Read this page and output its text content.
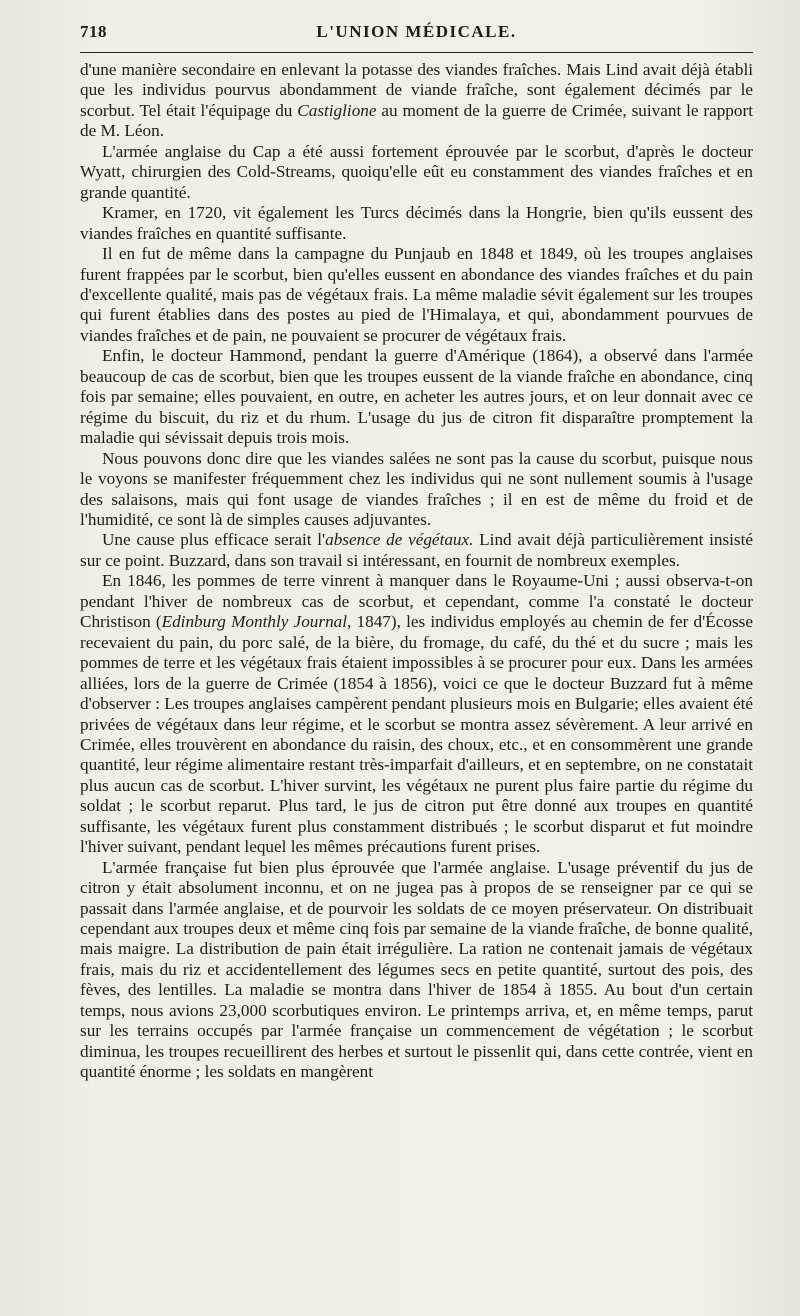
718	L'UNION MÉDICALE.

d'une manière secondaire en enlevant la potasse des viandes fraîches. Mais Lind avait déjà établi que les individus pourvus abondamment de viande fraîche, sont également décimés par le scorbut. Tel était l'équipage du Castiglione au moment de la guerre de Crimée, suivant le rapport de M. Léon.

L'armée anglaise du Cap a été aussi fortement éprouvée par le scorbut, d'après le docteur Wyatt, chirurgien des Cold-Streams, quoiqu'elle eût eu constamment des viandes fraîches et en grande quantité.

Kramer, en 1720, vit également les Turcs décimés dans la Hongrie, bien qu'ils eussent des viandes fraîches en quantité suffisante.

Il en fut de même dans la campagne du Punjaub en 1848 et 1849, où les troupes anglaises furent frappées par le scorbut, bien qu'elles eussent en abondance des viandes fraîches et du pain d'excellente qualité, mais pas de végétaux frais. La même maladie sévit également sur les troupes qui furent établies dans des postes au pied de l'Himalaya, et qui, abondamment pourvues de viandes fraîches et de pain, ne pouvaient se procurer de végétaux frais.

Enfin, le docteur Hammond, pendant la guerre d'Amérique (1864), a observé dans l'armée beaucoup de cas de scorbut, bien que les troupes eussent de la viande fraîche en abondance, cinq fois par semaine; elles pouvaient, en outre, en acheter les autres jours, et on leur donnait avec ce régime du biscuit, du riz et du rhum. L'usage du jus de citron fit disparaître promptement la maladie qui sévissait depuis trois mois.

Nous pouvons donc dire que les viandes salées ne sont pas la cause du scorbut, puisque nous le voyons se manifester fréquemment chez les individus qui ne sont nullement soumis à l'usage des salaisons, mais qui font usage de viandes fraîches ; il en est de même du froid et de l'humidité, ce sont là de simples causes adjuvantes.

Une cause plus efficace serait l'absence de végétaux. Lind avait déjà particulièrement insisté sur ce point. Buzzard, dans son travail si intéressant, en fournit de nombreux exemples.

En 1846, les pommes de terre vinrent à manquer dans le Royaume-Uni ; aussi observa-t-on pendant l'hiver de nombreux cas de scorbut, et cependant, comme l'a constaté le docteur Christison (Edinburg Monthly Journal, 1847), les individus employés au chemin de fer d'Écosse recevaient du pain, du porc salé, de la bière, du fromage, du café, du thé et du sucre ; mais les pommes de terre et les végétaux frais étaient impossibles à se procurer pour eux. Dans les armées alliées, lors de la guerre de Crimée (1854 à 1856), voici ce que le docteur Buzzard fut à même d'observer : Les troupes anglaises campèrent pendant plusieurs mois en Bulgarie; elles avaient été privées de végétaux dans leur régime, et le scorbut se montra assez sévèrement. A leur arrivé en Crimée, elles trouvèrent en abondance du raisin, des choux, etc., et en consommèrent une grande quantité, leur régime alimentaire restant très-imparfait d'ailleurs, et en septembre, on ne constatait plus aucun cas de scorbut. L'hiver survint, les végétaux ne purent plus faire partie du régime du soldat ; le scorbut reparut. Plus tard, le jus de citron put être donné aux troupes en quantité suffisante, les végétaux furent plus constamment distribués ; le scorbut disparut et fut moindre l'hiver suivant, pendant lequel les mêmes précautions furent prises.

L'armée française fut bien plus éprouvée que l'armée anglaise. L'usage préventif du jus de citron y était absolument inconnu, et on ne jugea pas à propos de se renseigner par ce qui se passait dans l'armée anglaise, et de pourvoir les soldats de ce moyen préservateur. On distribuait cependant aux troupes deux et même cinq fois par semaine de la viande fraîche, de bonne qualité, mais maigre. La distribution de pain était irrégulière. La ration ne contenait jamais de végétaux frais, mais du riz et accidentellement des légumes secs en petite quantité, surtout des pois, des fèves, des lentilles. La maladie se montra dans l'hiver de 1854 à 1855. Au bout d'un certain temps, nous avions 23,000 scorbutiques environ. Le printemps arriva, et, en même temps, parut sur les terrains occupés par l'armée française un commencement de végétation ; le scorbut diminua, les troupes recueillirent des herbes et surtout le pissenlit qui, dans cette contrée, vient en quantité énorme ; les soldats en mangèrent
